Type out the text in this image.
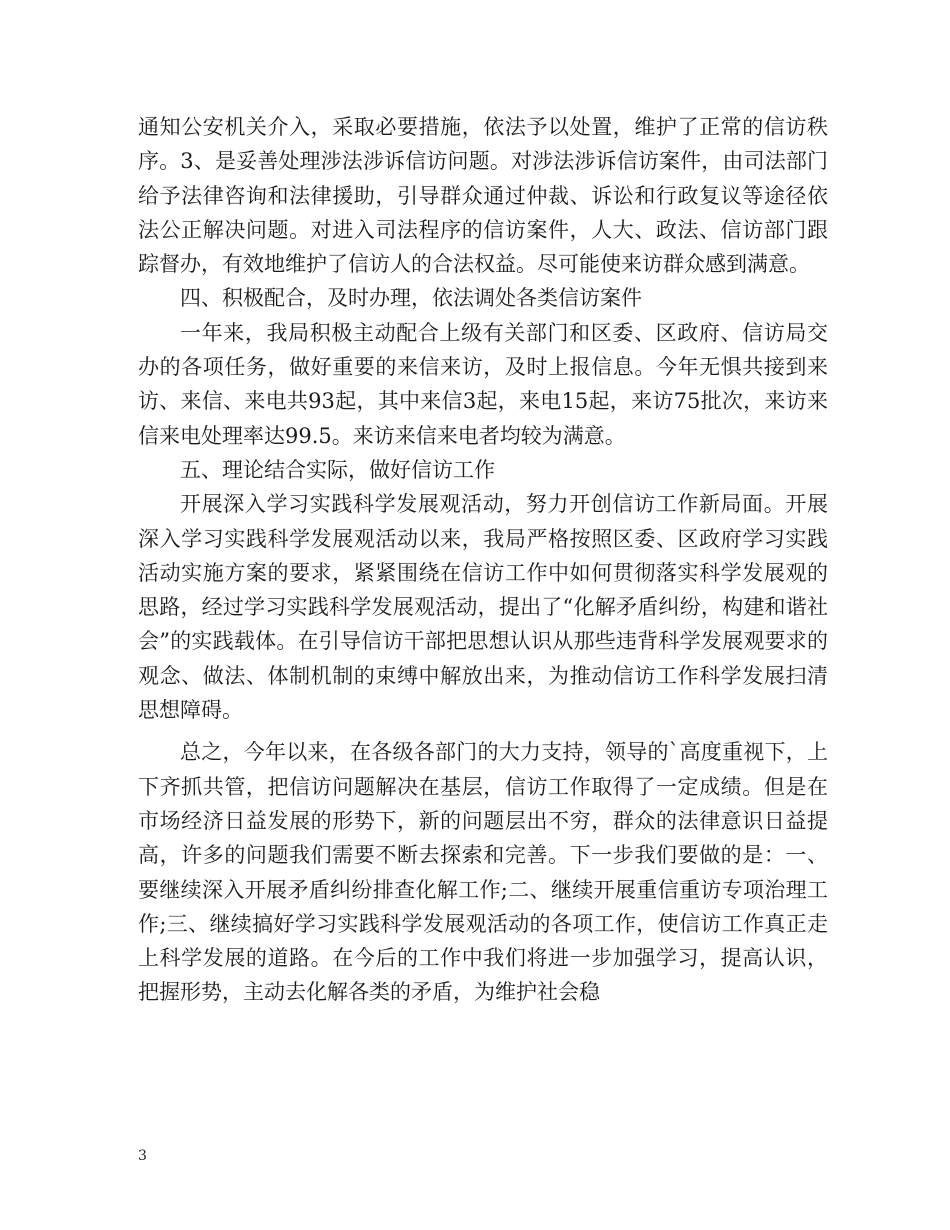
通知公安机关介入，采取必要措施，依法予以处置，维护了正常的信访秩序。3、是妥善处理涉法涉诉信访问题。对涉法涉诉信访案件，由司法部门给予法律咨询和法律援助，引导群众通过仲裁、诉讼和行政复议等途径依法公正解决问题。对进入司法程序的信访案件，人大、政法、信访部门跟踪督办，有效地维护了信访人的合法权益。尽可能使来访群众感到满意。

四、积极配合，及时办理，依法调处各类信访案件

一年来，我局积极主动配合上级有关部门和区委、区政府、信访局交办的各项任务，做好重要的来信来访，及时上报信息。今年无惧共接到来访、来信、来电共93起，其中来信3起，来电15起，来访75批次，来访来信来电处理率达99.5。来访来信来电者均较为满意。

五、理论结合实际，做好信访工作

开展深入学习实践科学发展观活动，努力开创信访工作新局面。开展深入学习实践科学发展观活动以来，我局严格按照区委、区政府学习实践活动实施方案的要求，紧紧围绕在信访工作中如何贯彻落实科学发展观的思路，经过学习实践科学发展观活动，提出了“化解矛盾纠纷，构建和谐社会”的实践载体。在引导信访干部把思想认识从那些违背科学发展观要求的观念、做法、体制机制的束缚中解放出来，为推动信访工作科学发展扫清思想障碍。

总之，今年以来，在各级各部门的大力支持，领导的`高度重视下，上下齐抓共管，把信访问题解决在基层，信访工作取得了一定成绩。但是在市场经济日益发展的形势下，新的问题层出不穷，群众的法律意识日益提高，许多的问题我们需要不断去探索和完善。下一步我们要做的是：一、要继续深入开展矛盾纠纷排查化解工作;二、继续开展重信重访专项治理工作;三、继续搞好学习实践科学发展观活动的各项工作，使信访工作真正走上科学发展的道路。在今后的工作中我们将进一步加强学习，提高认识，把握形势，主动去化解各类的矛盾，为维护社会稳

3
